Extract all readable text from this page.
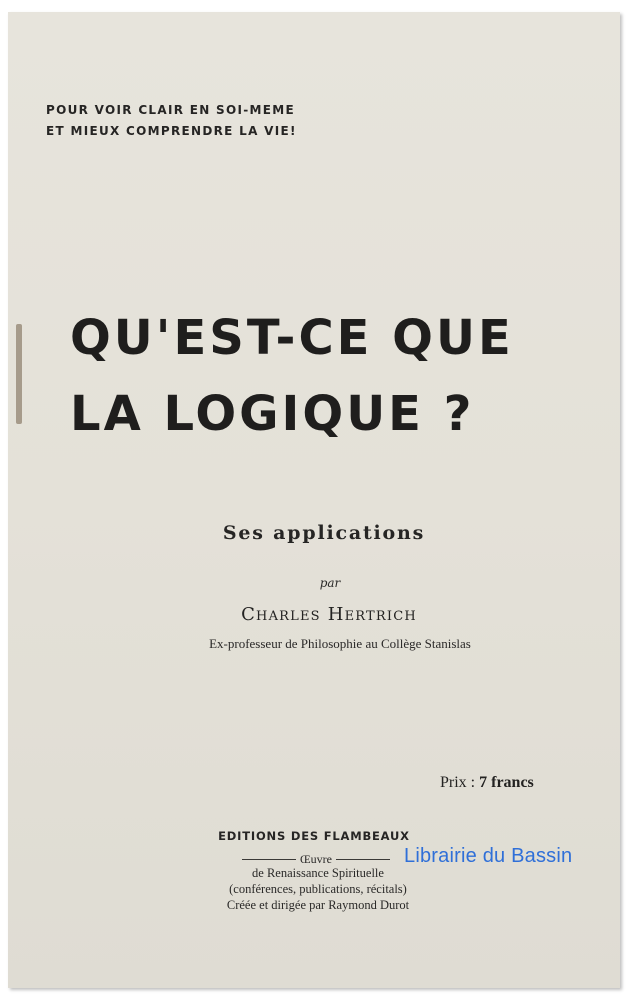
POUR VOIR CLAIR EN SOI-MEME
ET MIEUX COMPRENDRE LA VIE!
QU'EST-CE QUE
LA LOGIQUE ?
Ses applications
par
Charles Hertrich
Ex-professeur de Philosophie au Collège Stanislas
Prix : 7 francs
EDITIONS DES FLAMBEAUX
Œuvre
de Renaissance Spirituelle
(conférences, publications, récitals)
Créée et dirigée par Raymond Durot
Librairie du Bassin
